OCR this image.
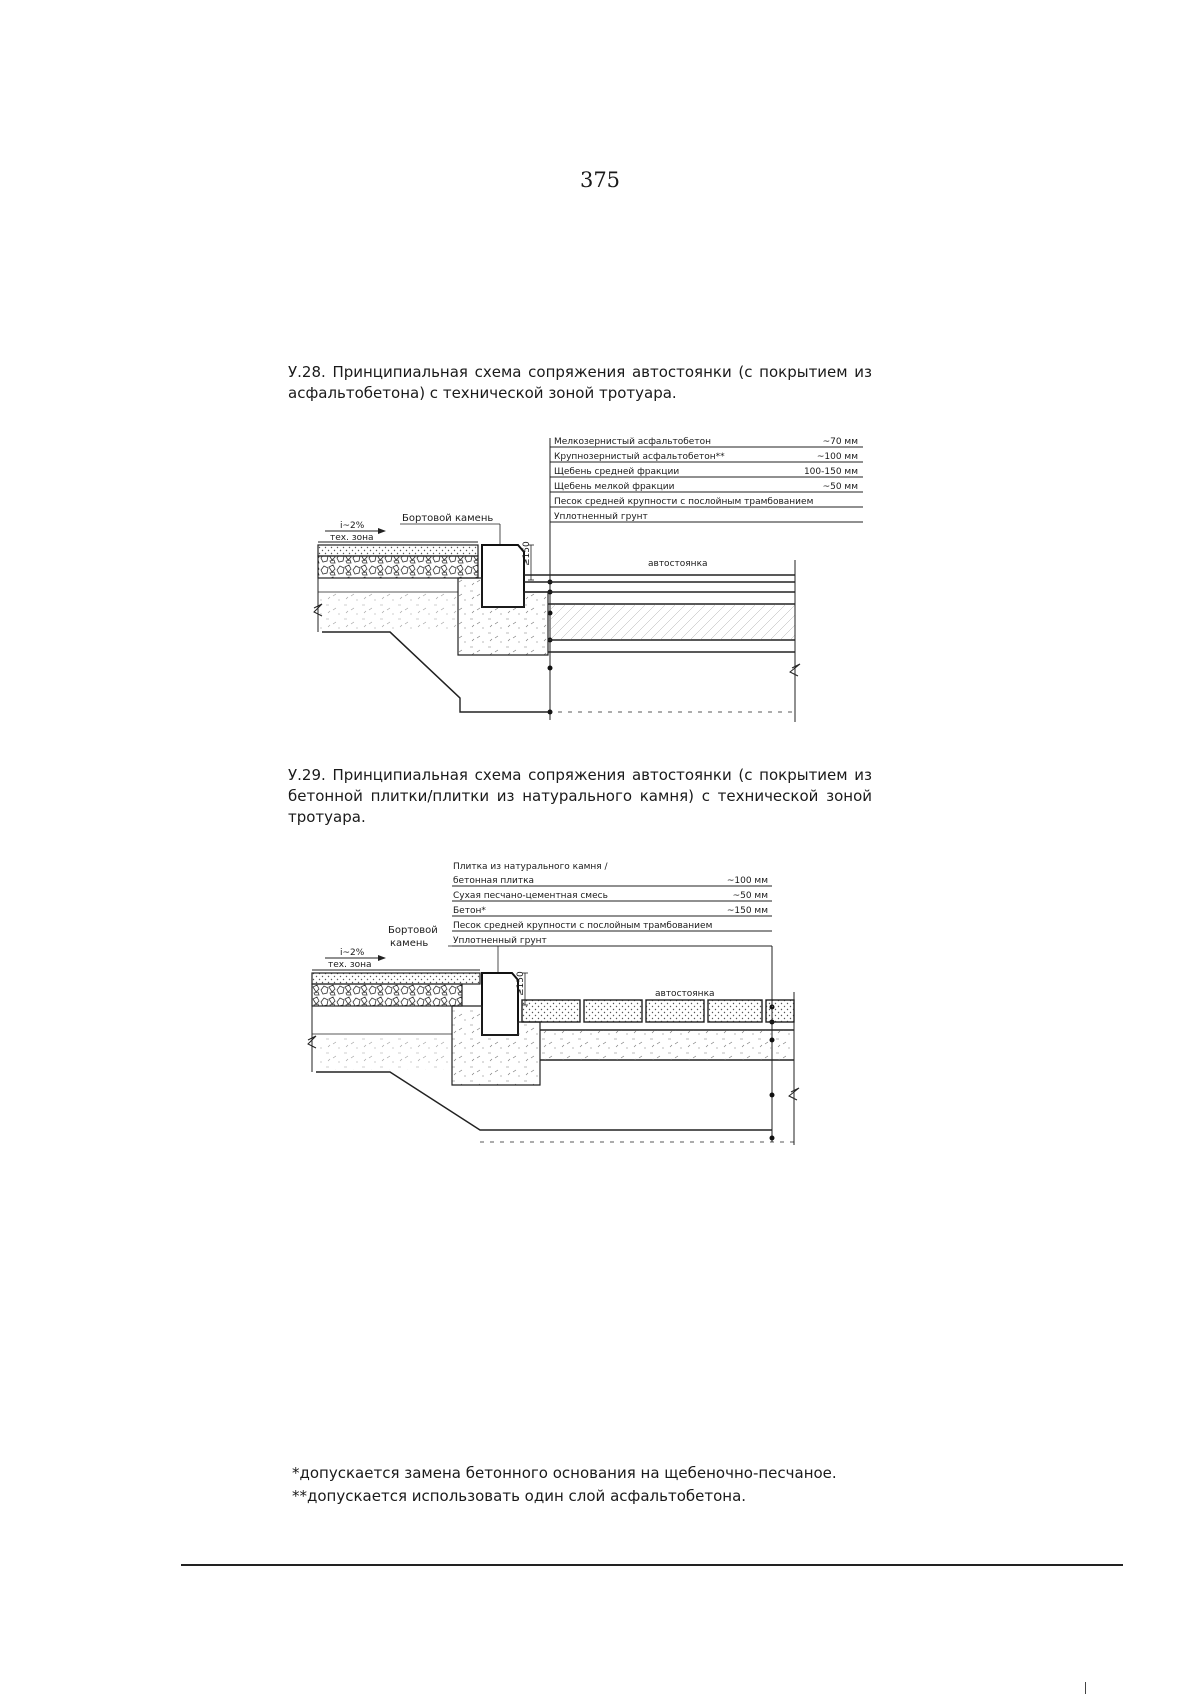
375
У.28. Принципиальная схема сопряжения автостоянки (с покрытием из асфальтобетона) с технической зоной тротуара.
Мелкозернистый асфальтобетон	~70 мм
Крупнозернистый асфальтобетон**	~100 мм
Щебень средней фракции	100-150 мм
Щебень мелкой фракции	~50 мм
Песок средней крупности с послойным трамбованием
Уплотненный грунт
i~2%
тех. зона
Бортовой камень
≥150	автостоянка
Плитка из натурального камня /
бетонная плитка	~100 мм
Сухая песчано-цементная смесь	~50 мм
Бетон*	~150 мм
Песок средней крупности с послойным трамбованием
Уплотненный грунт
Бортовой
камень
i~2%
тех. зона
≥150	автостоянка
У.29. Принципиальная схема сопряжения автостоянки (с покрытием из бетонной плитки/плитки из натурального камня) с технической зоной тротуара.
*допускается замена бетонного основания на щебеночно-песчаное.
**допускается использовать один слой асфальтобетона.
